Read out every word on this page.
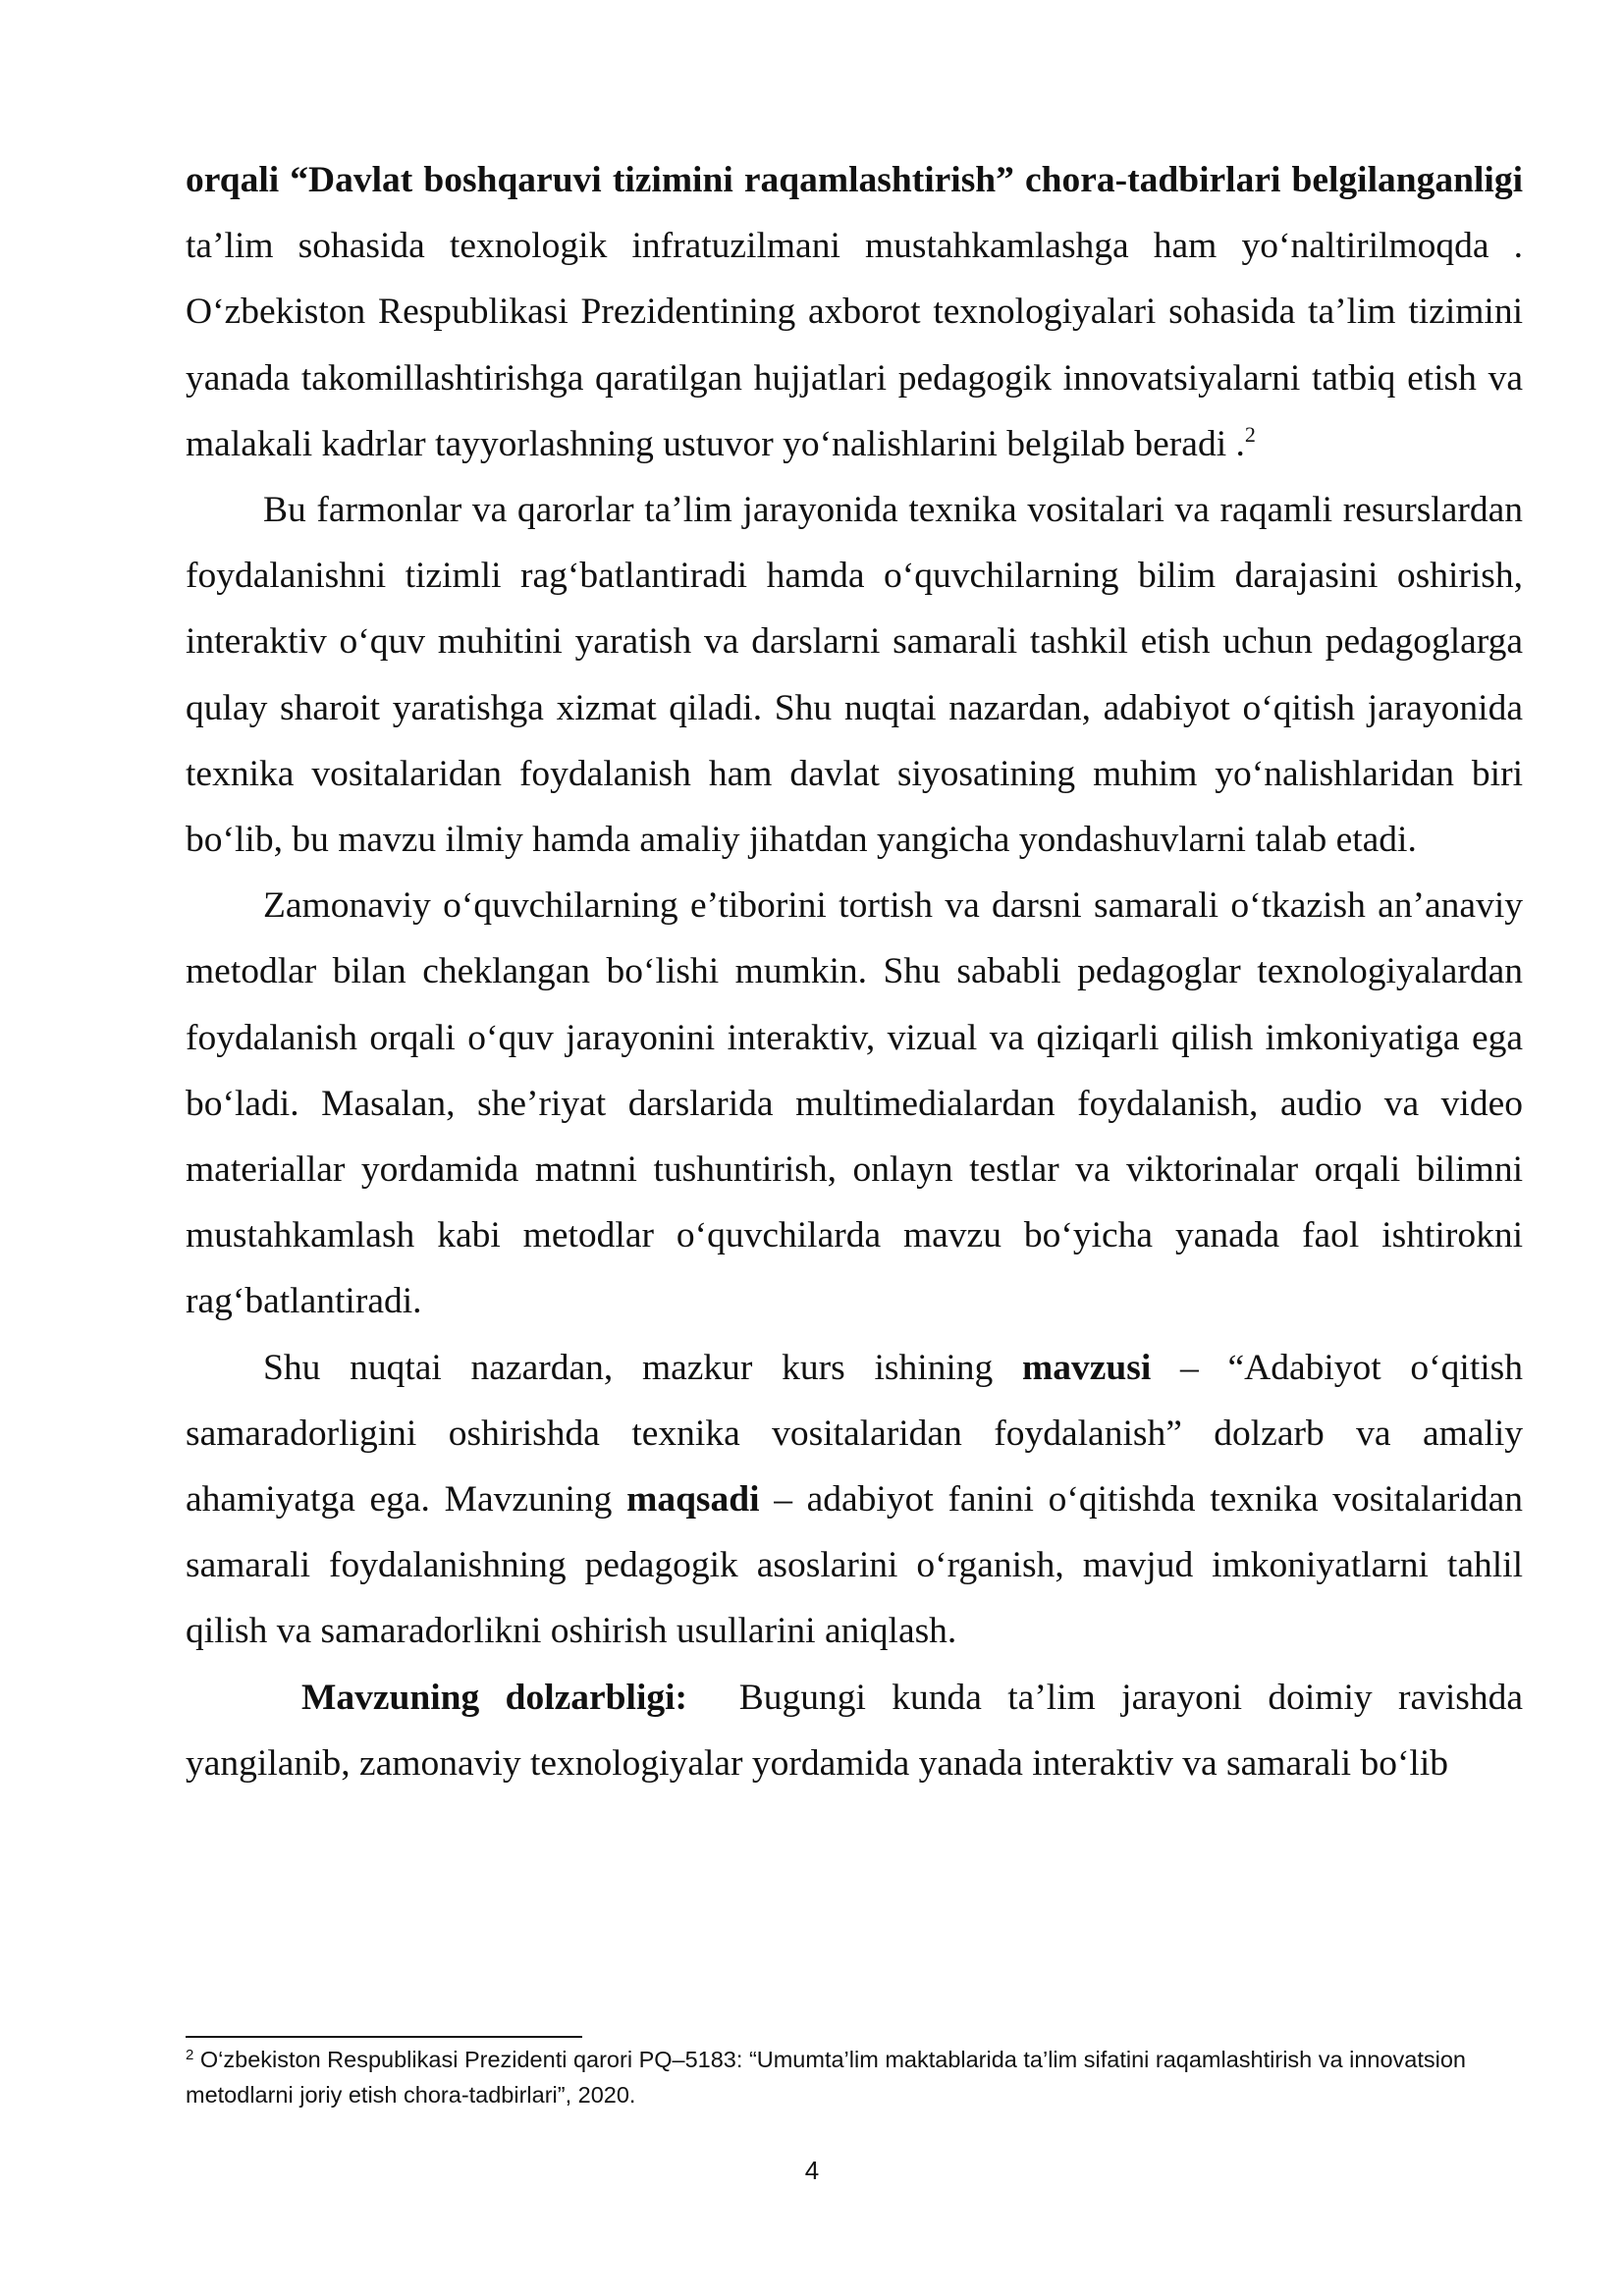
orqali “Davlat boshqaruvi tizimini raqamlashtirish” chora-tadbirlari belgilanganligi ta’lim sohasida texnologik infratuzilmani mustahkamlashga ham yo‘naltirilmoqda . O‘zbekiston Respublikasi Prezidentining axborot texnologiyalari sohasida ta’lim tizimini yanada takomillashtirishga qaratilgan hujjatlari pedagogik innovatsiyalarni tatbiq etish va malakali kadrlar tayyorlashning ustuvor yo‘nalishlarini belgilab beradi .$^2$

Bu farmonlar va qarorlar ta’lim jarayonida texnika vositalari va raqamli resurslardan foydalanishni tizimli rag‘batlantiradi hamda o‘quvchilarning bilim darajasini oshirish, interaktiv o‘quv muhitini yaratish va darslarni samarali tashkil etish uchun pedagoglarga qulay sharoit yaratishga xizmat qiladi. Shu nuqtai nazardan, adabiyot o‘qitish jarayonida texnika vositalaridan foydalanish ham davlat siyosatining muhim yo‘nalishlaridan biri bo‘lib, bu mavzu ilmiy hamda amaliy jihatdan yangicha yondashuvlarni talab etadi.

Zamonaviy o‘quvchilarning e’tiborini tortish va darsni samarali o‘tkazish an’anaviy metodlar bilan cheklangan bo‘lishi mumkin. Shu sababli pedagoglar texnologiyalardan foydalanish orqali o‘quv jarayonini interaktiv, vizual va qiziqarli qilish imkoniyatiga ega bo‘ladi. Masalan, she’riyat darslarida multimedialardan foydalanish, audio va video materiallar yordamida matnni tushuntirish, onlayn testlar va viktorinalar orqali bilimni mustahkamlash kabi metodlar o‘quvchilarda mavzu bo‘yicha yanada faol ishtirokni rag‘batlantiradi.

Shu nuqtai nazardan, mazkur kurs ishining mavzusi – “Adabiyot o‘qitish samaradorligini oshirishda texnika vositalaridan foydalanish” dolzarb va amaliy ahamiyatga ega. Mavzuning maqsadi – adabiyot fanini o‘qitishda texnika vositalaridan samarali foydalanishning pedagogik asoslarini o‘rganish, mavjud imkoniyatlarni tahlil qilish va samaradorlikni oshirish usullarini aniqlash.

Mavzuning dolzarbligi:  Bugungi kunda ta’lim jarayoni doimiy ravishda yangilanib, zamonaviy texnologiyalar yordamida yanada interaktiv va samarali bo‘lib

$^2$ O‘zbekiston Respublikasi Prezidenti qarori PQ–5183: “Umumta’lim maktablarida ta’lim sifatini raqamlashtirish va innovatsion metodlarni joriy etish chora-tadbirlari”, 2020.
4
